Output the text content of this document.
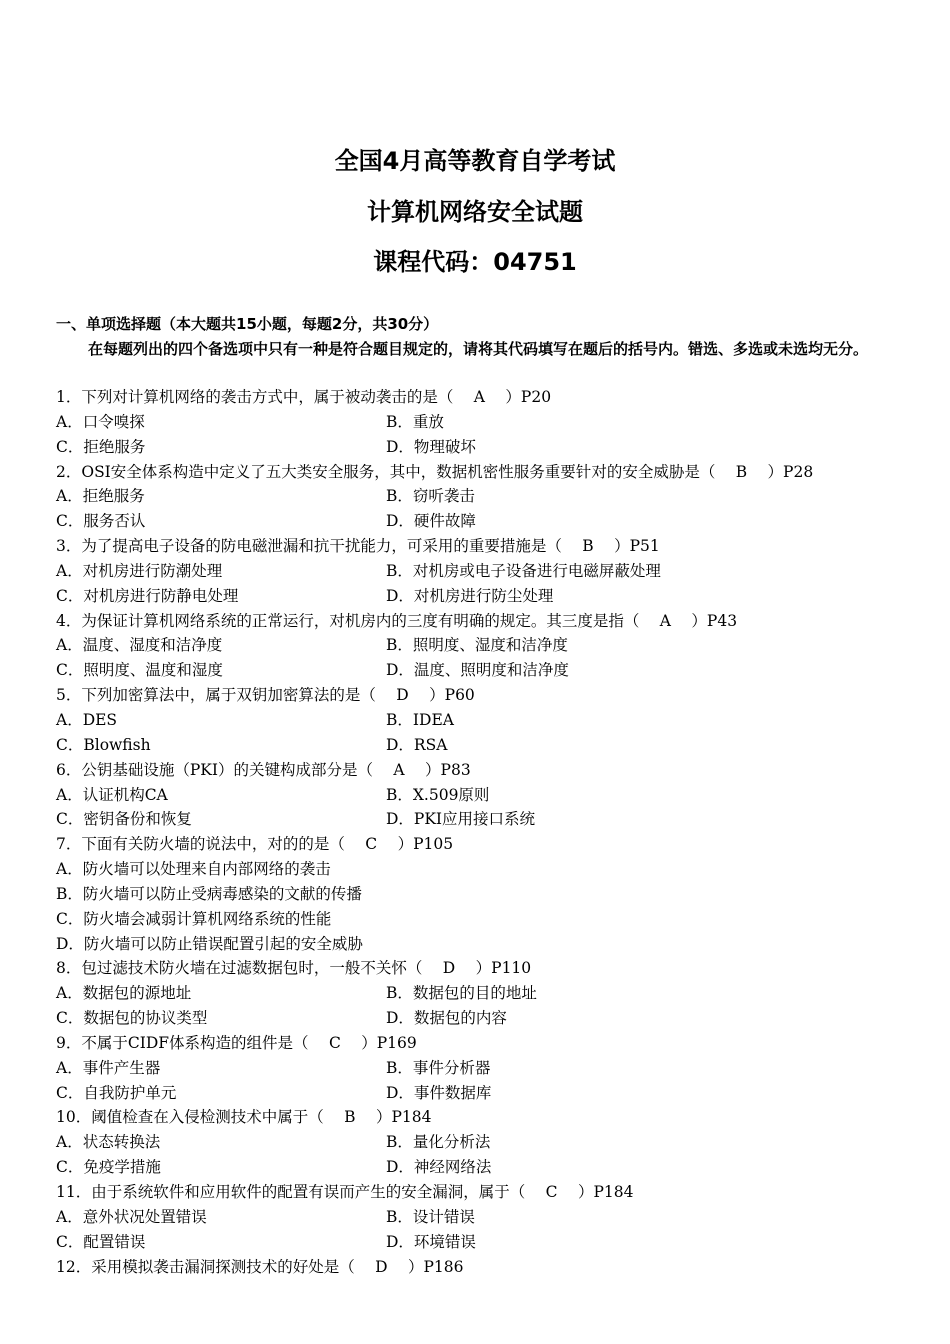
全国4月高等教育自学考试
计算机网络安全试题
课程代码：04751
一、单项选择题（本大题共15小题，每题2分，共30分）
在每题列出的四个备选项中只有一种是符合题目规定的，请将其代码填写在题后的括号内。错选、多选或未选均无分。
1．下列对计算机网络的袭击方式中，属于被动袭击的是（　 A　 ）P20
A．口令嗅探	B．重放
C．拒绝服务	D．物理破坏
2．OSI安全体系构造中定义了五大类安全服务，其中，数据机密性服务重要针对的安全威胁是（　 B　 ）P28
A．拒绝服务	B．窃听袭击
C．服务否认	D．硬件故障
3．为了提高电子设备的防电磁泄漏和抗干扰能力，可采用的重要措施是（　 B　 ）P51
A．对机房进行防潮处理	B．对机房或电子设备进行电磁屏蔽处理
C．对机房进行防静电处理	D．对机房进行防尘处理
4．为保证计算机网络系统的正常运行，对机房内的三度有明确的规定。其三度是指（　 A　 ）P43
A．温度、湿度和洁净度	B．照明度、湿度和洁净度
C．照明度、温度和湿度	D．温度、照明度和洁净度
5．下列加密算法中，属于双钥加密算法的是（　 D　 ）P60
A．DES	B．IDEA
C．Blowfish	D．RSA
6．公钥基础设施（PKI）的关键构成部分是（　 A　 ）P83
A．认证机构CA	B．X.509原则
C．密钥备份和恢复	D．PKI应用接口系统
7．下面有关防火墙的说法中，对的的是（　 C　 ）P105
A．防火墙可以处理来自内部网络的袭击
B．防火墙可以防止受病毒感染的文献的传播
C．防火墙会减弱计算机网络系统的性能
D．防火墙可以防止错误配置引起的安全威胁
8．包过滤技术防火墙在过滤数据包时，一般不关怀（　 D　 ）P110
A．数据包的源地址	B．数据包的目的地址
C．数据包的协议类型	D．数据包的内容
9．不属于CIDF体系构造的组件是（　 C　 ）P169
A．事件产生器	B．事件分析器
C．自我防护单元	D．事件数据库
10．阈值检查在入侵检测技术中属于（　 B　 ）P184
A．状态转换法	B．量化分析法
C．免疫学措施	D．神经网络法
11．由于系统软件和应用软件的配置有误而产生的安全漏洞，属于（　 C　 ）P184
A．意外状况处置错误	B．设计错误
C．配置错误	D．环境错误
12．采用模拟袭击漏洞探测技术的好处是（　 D　 ）P186
